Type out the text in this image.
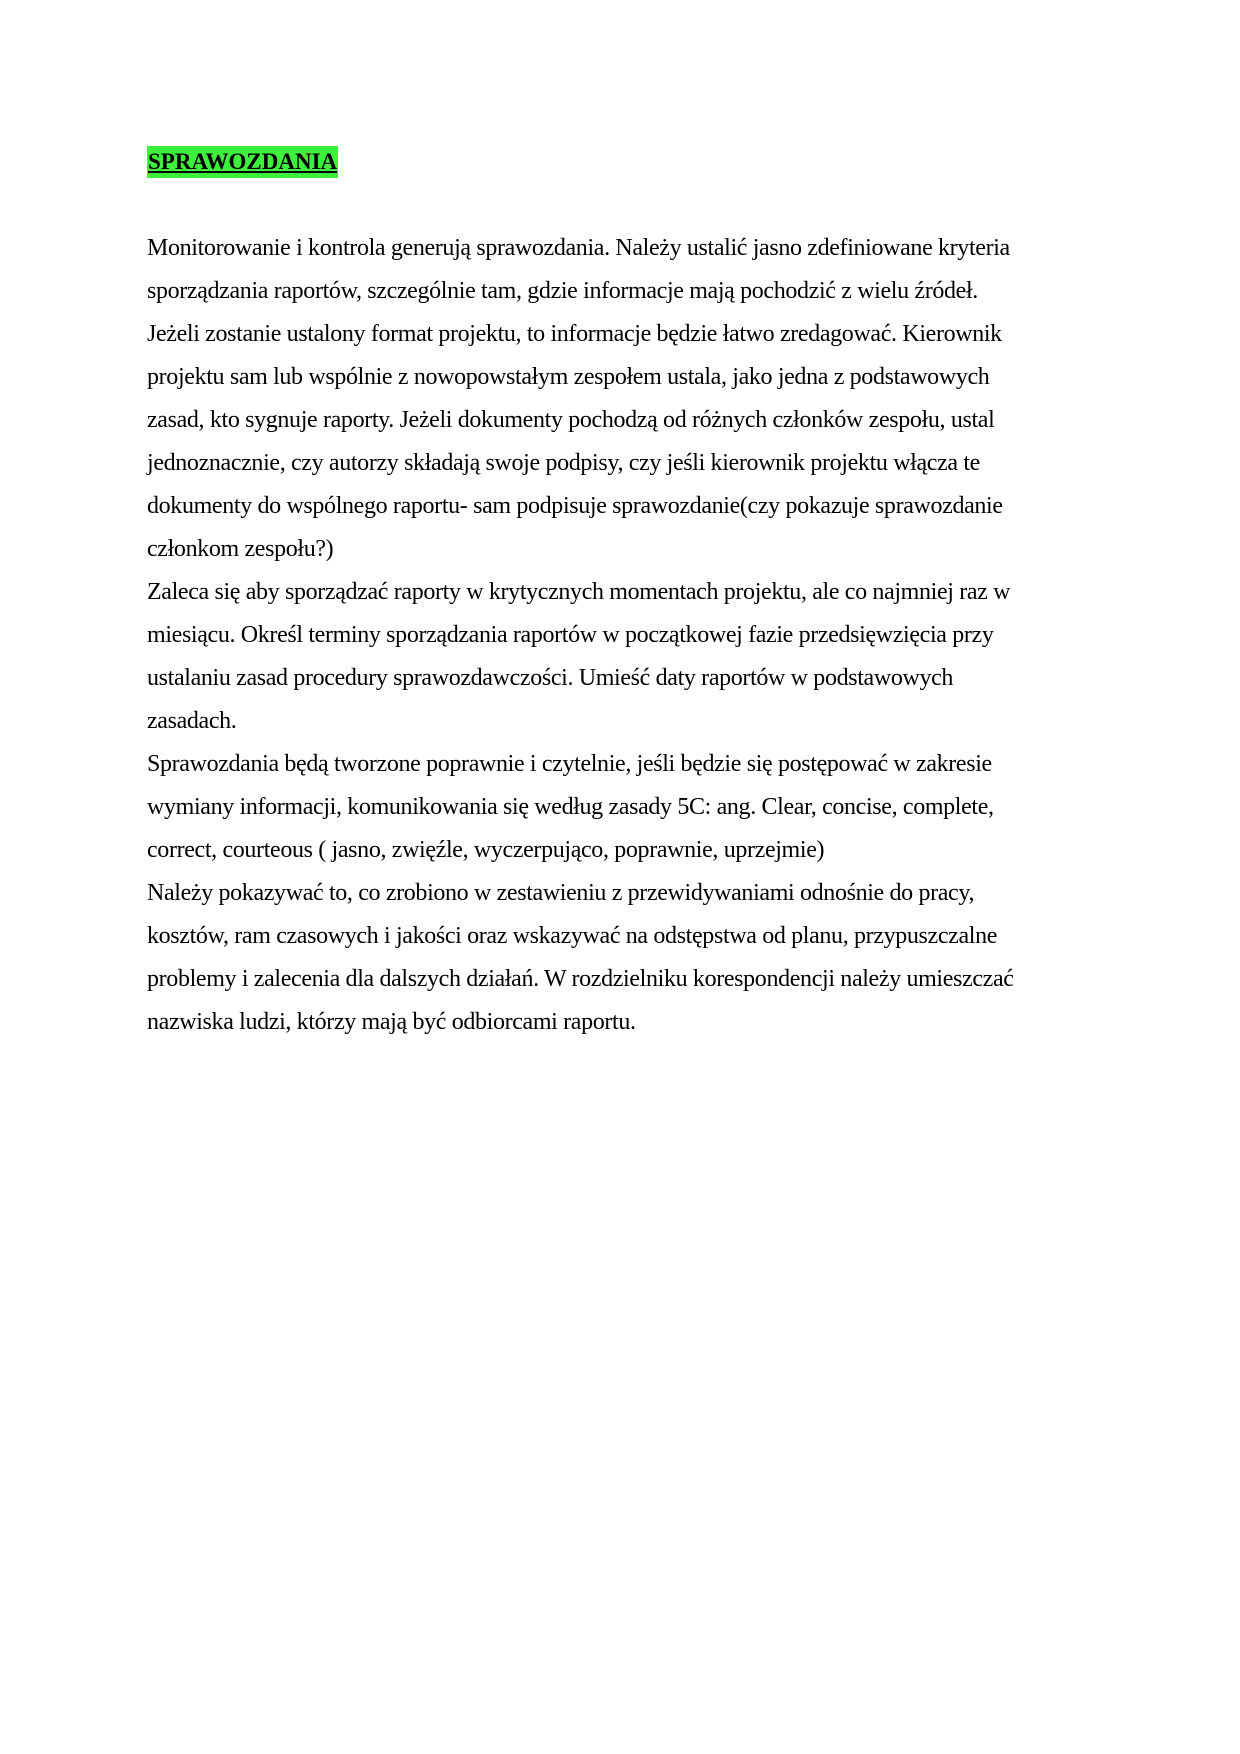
SPRAWOZDANIA
Monitorowanie i kontrola generują sprawozdania. Należy ustalić jasno zdefiniowane kryteria
sporządzania raportów, szczególnie tam, gdzie informacje mają pochodzić z wielu źródeł.
Jeżeli zostanie ustalony format projektu, to informacje będzie łatwo zredagować. Kierownik
projektu sam lub wspólnie z nowopowstałym zespołem ustala, jako jedna z podstawowych
zasad, kto sygnuje raporty. Jeżeli dokumenty pochodzą od różnych członków zespołu, ustal
jednoznacznie, czy autorzy składają swoje podpisy, czy jeśli kierownik projektu włącza te
dokumenty do wspólnego raportu- sam podpisuje sprawozdanie(czy pokazuje sprawozdanie
członkom zespołu?)
Zaleca się aby sporządzać raporty w krytycznych momentach projektu, ale co najmniej raz w
miesiącu. Określ terminy sporządzania raportów w początkowej fazie przedsięwzięcia przy
ustalaniu zasad procedury sprawozdawczości. Umieść daty raportów w podstawowych
zasadach.
Sprawozdania będą tworzone poprawnie i czytelnie, jeśli będzie się postępować w zakresie
wymiany informacji, komunikowania się według zasady 5C: ang. Clear, concise, complete,
correct, courteous ( jasno, zwięźle, wyczerpująco, poprawnie, uprzejmie)
Należy pokazywać to, co zrobiono w zestawieniu z przewidywaniami odnośnie do pracy,
kosztów, ram czasowych i jakości oraz wskazywać na odstępstwa od planu, przypuszczalne
problemy i zalecenia dla dalszych działań. W rozdzielniku korespondencji należy umieszczać
nazwiska ludzi, którzy mają być odbiorcami raportu.
